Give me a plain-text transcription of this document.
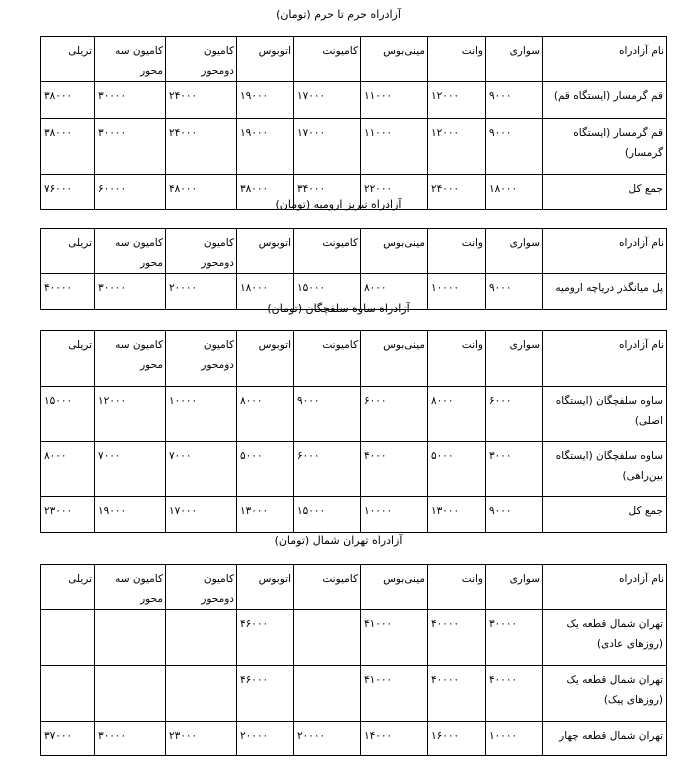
آزادراه حرم تا حرم (تومان)
نام آزادراه	سواری	وانت	مینی‌بوس	کامیونت	اتوبوس	کامیون دومحور	کامیون سه محور	تریلی
قم گرمسار (ایستگاه قم)	۹۰۰۰	۱۲۰۰۰	۱۱۰۰۰	۱۷۰۰۰	۱۹۰۰۰	۲۴۰۰۰	۳۰۰۰۰	۳۸۰۰۰
قم گرمسار (ایستگاه گرمسار)	۹۰۰۰	۱۲۰۰۰	۱۱۰۰۰	۱۷۰۰۰	۱۹۰۰۰	۲۴۰۰۰	۳۰۰۰۰	۳۸۰۰۰
جمع کل	۱۸۰۰۰	۲۴۰۰۰	۲۲۰۰۰	۳۴۰۰۰	۳۸۰۰۰	۴۸۰۰۰	۶۰۰۰۰	۷۶۰۰۰
آزادراه تبریز ارومیه (تومان)
نام آزادراه	سواری	وانت	مینی‌بوس	کامیونت	اتوبوس	کامیون دومحور	کامیون سه محور	تریلی
پل میانگذر دریاچه ارومیه	۹۰۰۰	۱۰۰۰۰	۸۰۰۰	۱۵۰۰۰	۱۸۰۰۰	۲۰۰۰۰	۳۰۰۰۰	۴۰۰۰۰
آزادراه ساوه سلفچگان (تومان)
نام آزادراه	سواری	وانت	مینی‌بوس	کامیونت	اتوبوس	کامیون دومحور	کامیون سه محور	تریلی
ساوه سلفچگان (ایستگاه اصلی)	۶۰۰۰	۸۰۰۰	۶۰۰۰	۹۰۰۰	۸۰۰۰	۱۰۰۰۰	۱۲۰۰۰	۱۵۰۰۰
ساوه سلفچگان (ایستگاه بین‌راهی)	۳۰۰۰	۵۰۰۰	۴۰۰۰	۶۰۰۰	۵۰۰۰	۷۰۰۰	۷۰۰۰	۸۰۰۰
جمع کل	۹۰۰۰	۱۳۰۰۰	۱۰۰۰۰	۱۵۰۰۰	۱۳۰۰۰	۱۷۰۰۰	۱۹۰۰۰	۲۳۰۰۰
آزادراه تهران شمال (تومان)
نام آزادراه	سواری	وانت	مینی‌بوس	کامیونت	اتوبوس	کامیون دومحور	کامیون سه محور	تریلی
تهران شمال قطعه یک (روزهای عادی)	۳۰۰۰۰	۴۰۰۰۰	۴۱۰۰۰		۴۶۰۰۰			
تهران شمال قطعه یک (روزهای پیک)	۴۰۰۰۰	۴۰۰۰۰	۴۱۰۰۰		۴۶۰۰۰			
تهران شمال قطعه چهار	۱۰۰۰۰	۱۶۰۰۰	۱۴۰۰۰	۲۰۰۰۰	۲۰۰۰۰	۲۳۰۰۰	۳۰۰۰۰	۳۷۰۰۰
